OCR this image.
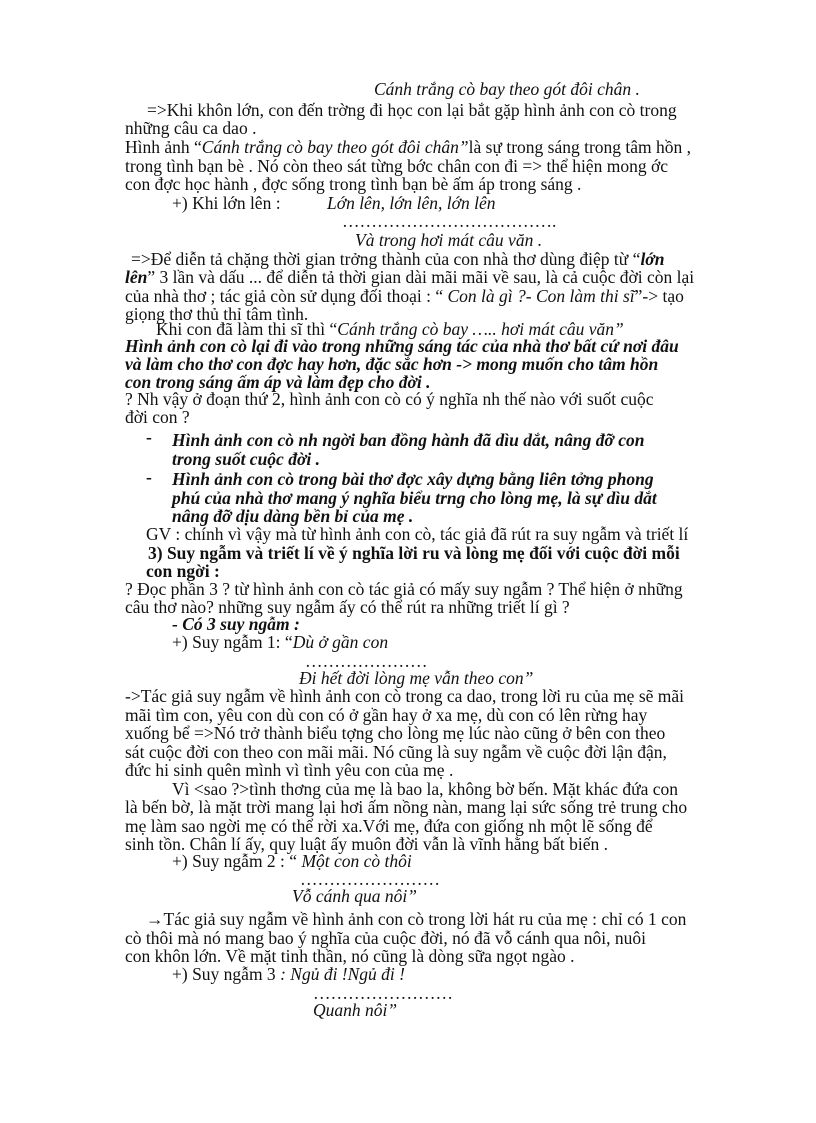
Cánh trắng cò bay theo gót đôi chân .
=>Khi khôn lớn, con đến trờng đi học con lại bắt gặp hình ảnh con cò trong
những câu ca dao .
Hình ảnh “Cánh trắng cò bay theo gót đôi chân”là sự trong sáng trong tâm hồn ,
trong tình bạn bè . Nó còn theo sát từng bớc chân con đi => thể hiện mong ớc
con đợc học hành , đợc sống trong tình bạn bè ấm áp trong sáng .
+) Khi lớn lên :	Lớn lên, lớn lên, lớn lên
……………………………….
Và trong hơi mát câu văn .
=>Để diễn tả chặng thời gian trởng thành của con nhà thơ dùng điệp từ “lớn
lên” 3 lần và dấu ... để diễn tả thời gian dài mãi mãi về sau, là cả cuộc đời còn lại
của nhà thơ ; tác giả còn sử dụng đối thoại : “ Con là gì ?- Con làm thi sĩ”-> tạo
giọng thơ thủ thỉ tâm tình.
Khi con đã làm thi sĩ thì “Cánh trắng cò bay ….. hơi mát câu văn”
Hình ảnh con cò lại đi vào trong những sáng tác của nhà thơ bất cứ nơi đâu
và làm cho thơ con đợc hay hơn, đặc sắc hơn -> mong muốn cho tâm hồn
con trong sáng ấm áp và làm đẹp cho đời .
? Nh vậy ở đoạn thứ 2, hình ảnh con cò có ý nghĩa nh thế nào với suốt cuộc
đời con ?
- Hình ảnh con cò nh ngời ban đồng hành đã dìu dắt, nâng đỡ con
trong suốt cuộc đời .
- Hình ảnh con cò trong bài thơ đợc xây dựng bằng liên tởng phong
phú của nhà thơ mang ý nghĩa biểu trng cho lòng mẹ, là sự dìu dắt
nâng đỡ dịu dàng bền bỉ của mẹ .
GV : chính vì vậy mà từ hình ảnh con cò, tác giả đã rút ra suy ngẫm và triết lí
3) Suy ngẫm và triết lí về ý nghĩa lời ru và lòng mẹ đối với cuộc đời mỗi
con ngời :
? Đọc phần 3 ? từ hình ảnh con cò tác giả có mấy suy ngẫm ? Thể hiện ở những
câu thơ nào? những suy ngẫm ấy có thể rút ra những triết lí gì ?
- Có 3 suy ngẫm :
+) Suy ngẫm 1: “Dù ở gần con
…………………
Đi hết đời lòng mẹ vẫn theo con”
->Tác giả suy ngẫm về hình ảnh con cò trong ca dao, trong lời ru của mẹ sẽ mãi
mãi tìm con, yêu con dù con có ở gần hay ở xa mẹ, dù con có lên rừng hay
xuống bể =>Nó trở thành biểu tợng cho lòng mẹ lúc nào cũng ở bên con theo
sát cuộc đời con theo con mãi mãi. Nó cũng là suy ngẫm về cuộc đời lận đận,
đức hi sinh quên mình vì tình yêu con của mẹ .
Vì <sao ?>tình thơng của mẹ là bao la, không bờ bến. Mặt khác đứa con
là bến bờ, là mặt trời mang lại hơi ấm nồng nàn, mang lại sức sống trẻ trung cho
mẹ làm sao ngời mẹ có thể rời xa.Với mẹ, đứa con giống nh một lẽ sống để
sinh tồn. Chân lí ấy, quy luật ấy muôn đời vẫn là vĩnh hằng bất biến .
+) Suy ngẫm 2 : “ Một con cò thôi
……………………
Vỗ cánh qua nôi”
→Tác giả suy ngẫm về hình ảnh con cò trong lời hát ru của mẹ : chỉ có 1 con
cò thôi mà nó mang bao ý nghĩa của cuộc đời, nó đã vỗ cánh qua nôi, nuôi
con khôn lớn. Về mặt tinh thần, nó cũng là dòng sữa ngọt ngào .
+) Suy ngẫm 3 : Ngủ đi !Ngủ đi !
……………………
Quanh nôi”
